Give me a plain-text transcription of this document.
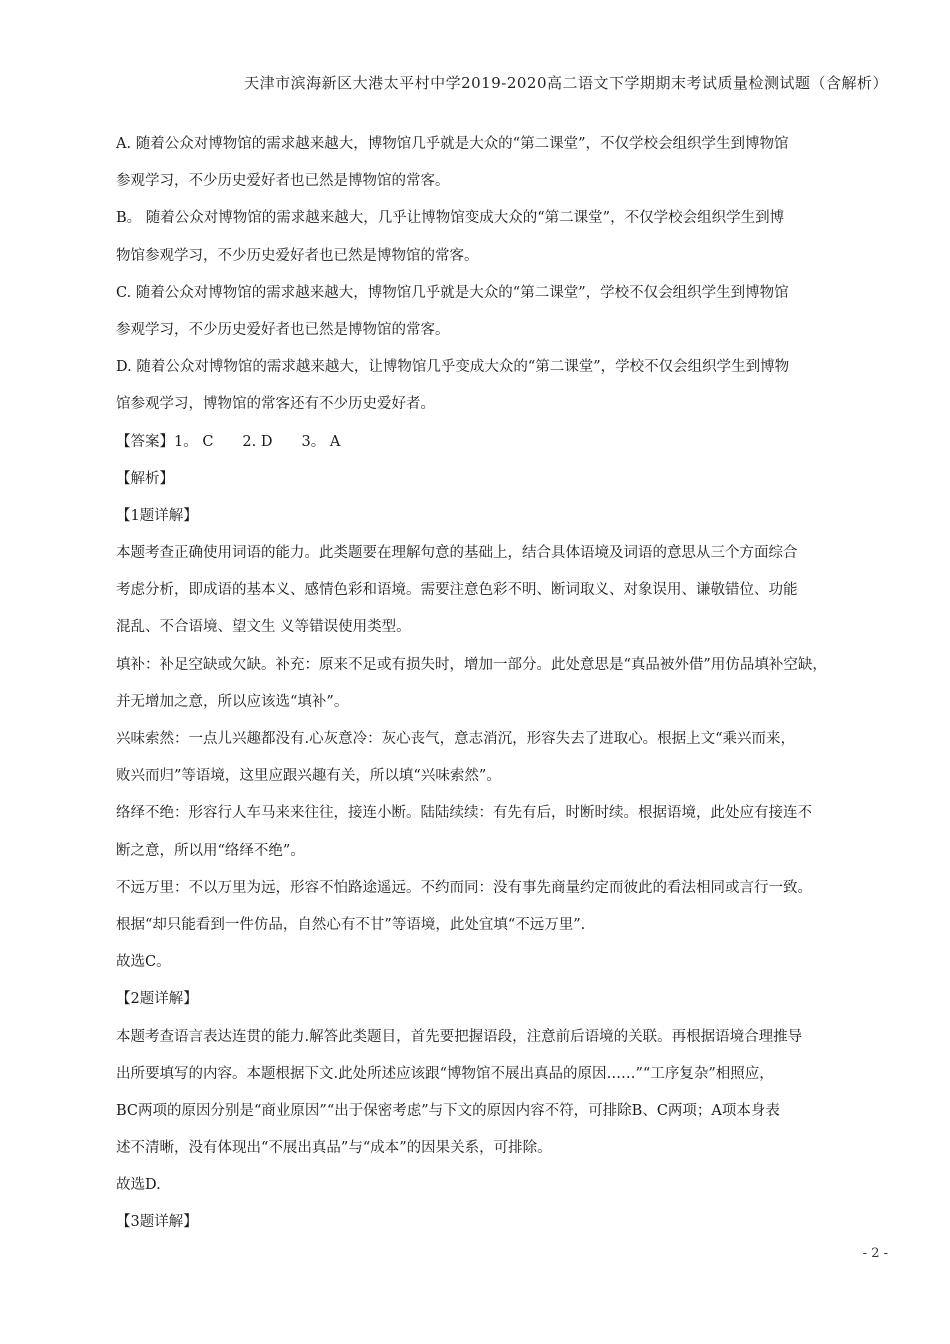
天津市滨海新区大港太平村中学2019-2020高二语文下学期期末考试质量检测试题（含解析）
A. 随着公众对博物馆的需求越来越大，博物馆几乎就是大众的“第二课堂”，不仅学校会组织学生到博物馆
参观学习，不少历史爱好者也已然是博物馆的常客。
B。 随着公众对博物馆的需求越来越大，几乎让博物馆变成大众的“第二课堂”，不仅学校会组织学生到博
物馆参观学习，不少历史爱好者也已然是博物馆的常客。
C. 随着公众对博物馆的需求越来越大，博物馆几乎就是大众的“第二课堂”，学校不仅会组织学生到博物馆
参观学习，不少历史爱好者也已然是博物馆的常客。
D. 随着公众对博物馆的需求越来越大，让博物馆几乎变成大众的“第二课堂”，学校不仅会组织学生到博物
馆参观学习，博物馆的常客还有不少历史爱好者。
【答案】1。 C　　2. D　　3。 A
【解析】
【1题详解】
本题考查正确使用词语的能力。此类题要在理解句意的基础上，结合具体语境及词语的意思从三个方面综合
考虑分析，即成语的基本义、感情色彩和语境。需要注意色彩不明、断词取义、对象误用、谦敬错位、功能
混乱、不合语境、望文生 义等错误使用类型。
填补：补足空缺或欠缺。补充：原来不足或有损失时，增加一部分。此处意思是“真品被外借”用仿品填补空缺，
并无增加之意，所以应该选“填补”。
兴味索然：一点儿兴趣都没有.心灰意冷：灰心丧气，意志消沉，形容失去了进取心。根据上文“乘兴而来，
败兴而归”等语境，这里应跟兴趣有关，所以填“兴味索然”。
络绎不绝：形容行人车马来来往往，接连小断。陆陆续续：有先有后，时断时续。根据语境，此处应有接连不
断之意，所以用“络绎不绝”。
不远万里：不以万里为远，形容不怕路途遥远。不约而同：没有事先商量约定而彼此的看法相同或言行一致。
根据“却只能看到一件仿品，自然心有不甘”等语境，此处宜填“不远万里”.
故选C。
【2题详解】
本题考查语言表达连贯的能力.解答此类题目，首先要把握语段，注意前后语境的关联。再根据语境合理推导
出所要填写的内容。本题根据下文.此处所述应该跟“博物馆不展出真品的原因……”“工序复杂”相照应，
BC两项的原因分别是“商业原因”“出于保密考虑”与下文的原因内容不符，可排除B、C两项；A项本身表
述不清晰，没有体现出“不展出真品”与“成本”的因果关系，可排除。
故选D.
【3题详解】
- 2 -
